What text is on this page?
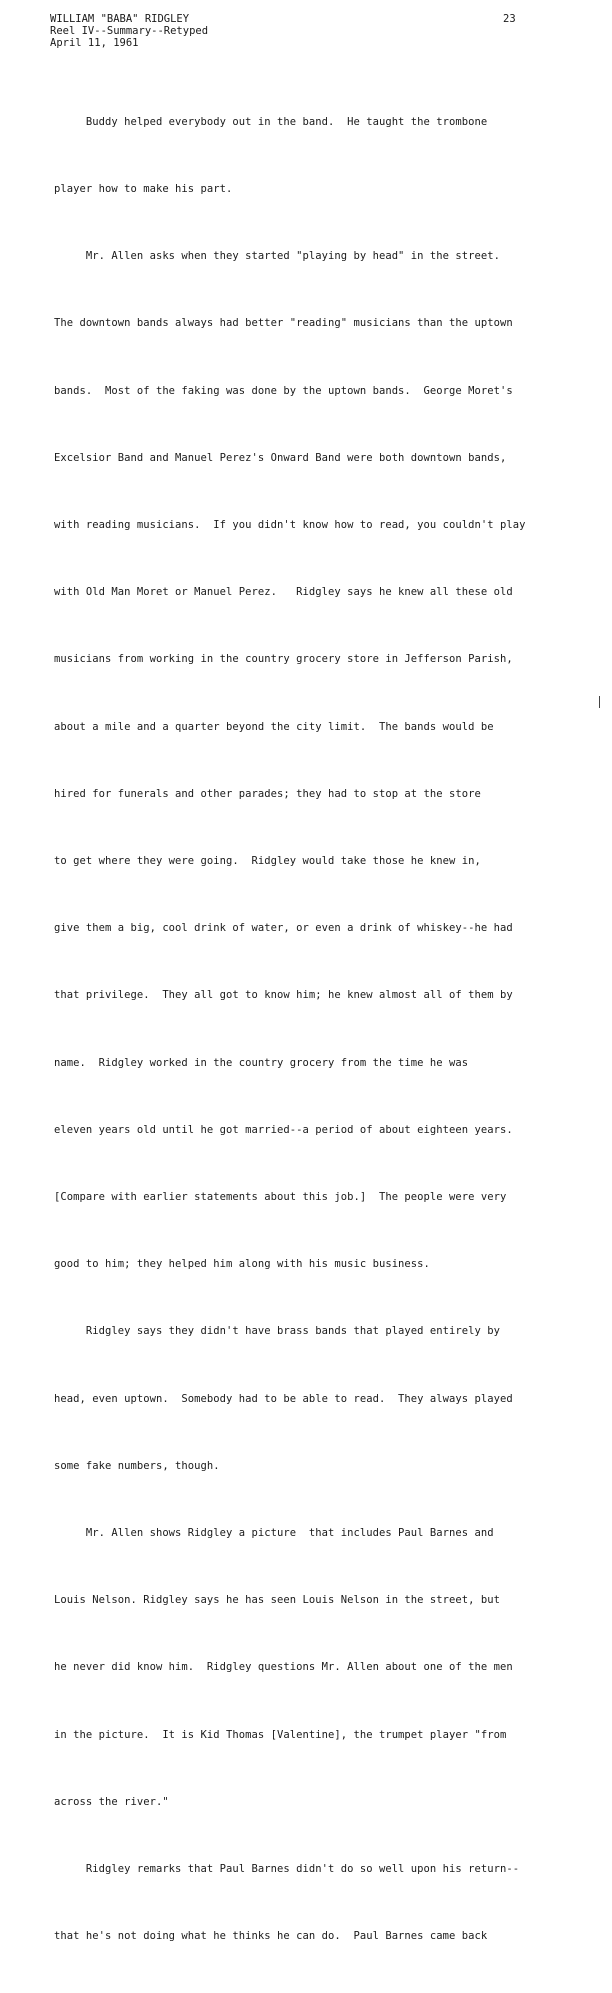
WILLIAM "BABA" RIDGLEY
Reel IV--Summary--Retyped
April 11, 1961
23

Buddy helped everybody out in the band.  He taught the trombone

player how to make his part.

Mr. Allen asks when they started "playing by head" in the street.

The downtown bands always had better "reading" musicians than the uptown

bands.  Most of the faking was done by the uptown bands.  George Moret's

Excelsior Band and Manuel Perez's Onward Band were both downtown bands,

with reading musicians.  If you didn't know how to read, you couldn't play

with Old Man Moret or Manuel Perez.   Ridgley says he knew all these old

musicians from working in the country grocery store in Jefferson Parish,

about a mile and a quarter beyond the city limit.  The bands would be

hired for funerals and other parades; they had to stop at the store

to get where they were going.  Ridgley would take those he knew in,

give them a big, cool drink of water, or even a drink of whiskey--he had

that privilege.  They all got to know him; he knew almost all of them by

name.  Ridgley worked in the country grocery from the time he was

eleven years old until he got married--a period of about eighteen years.

[Compare with earlier statements about this job.]  The people were very

good to him; they helped him along with his music business.

Ridgley says they didn't have brass bands that played entirely by

head, even uptown.  Somebody had to be able to read.  They always played

some fake numbers, though.

Mr. Allen shows Ridgley a picture  that includes Paul Barnes and

Louis Nelson. Ridgley says he has seen Louis Nelson in the street, but

he never did know him.  Ridgley questions Mr. Allen about one of the men

in the picture.  It is Kid Thomas [Valentine], the trumpet player "from

across the river."

Ridgley remarks that Paul Barnes didn't do so well upon his return--

that he's not doing what he thinks he can do.  Paul Barnes came back
